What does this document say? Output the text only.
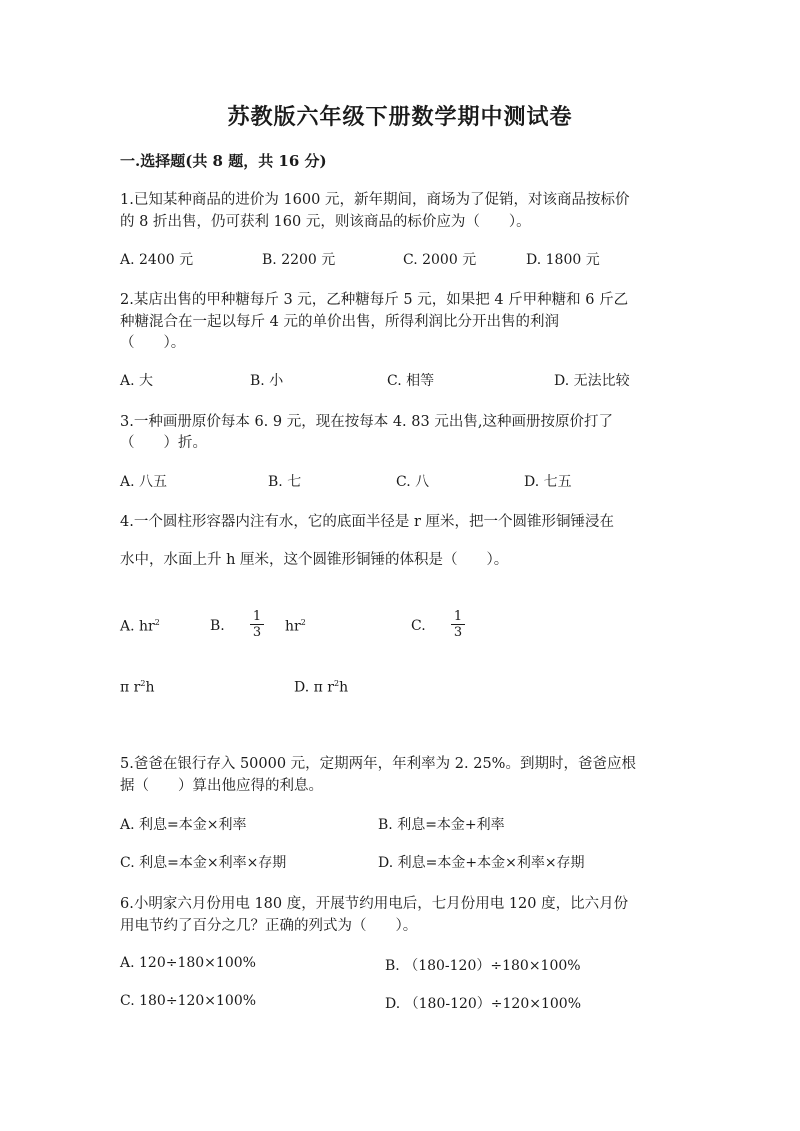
苏教版六年级下册数学期中测试卷
一.选择题(共 8 题，共 16 分)
1.已知某种商品的进价为 1600 元，新年期间，商场为了促销，对该商品按标价
的 8 折出售，仍可获利 160 元，则该商品的标价应为（　　）。
A. 2400 元	B. 2200 元	C. 2000 元	D. 1800 元
2.某店出售的甲种糖每斤 3 元，乙种糖每斤 5 元，如果把 4 斤甲种糖和 6 斤乙
种糖混合在一起以每斤 4 元的单价出售，所得利润比分开出售的利润
（　　）。
A. 大	B. 小	C. 相等	D. 无法比较
3.一种画册原价每本 6. 9 元，现在按每本 4. 83 元出售,这种画册按原价打了
（　　）折。
A. 八五	B. 七	C. 八	D. 七五
4.一个圆柱形容器内注有水，它的底面半径是 r 厘米，把一个圆锥形铜锤浸在
水中，水面上升 h 厘米，这个圆锥形铜锤的体积是（　　）。
A. $hr^2$	B.
1
3 $hr^2$	C.
1
3
π $r^2h$	D. π $r^2h$
5.爸爸在银行存入 50000 元，定期两年，年利率为 2. 25%。到期时，爸爸应根
据（　　）算出他应得的利息。
A. 利息=本金×利率	B. 利息=本金+利率
C. 利息=本金×利率×存期	D. 利息=本金+本金×利率×存期
6.小明家六月份用电 180 度，开展节约用电后，七月份用电 120 度，比六月份
用电节约了百分之几？正确的列式为（　　）。
A. 120÷180×100%	B. （180-120）÷180×100%
C. 180÷120×100%	D. （180-120）÷120×100%
